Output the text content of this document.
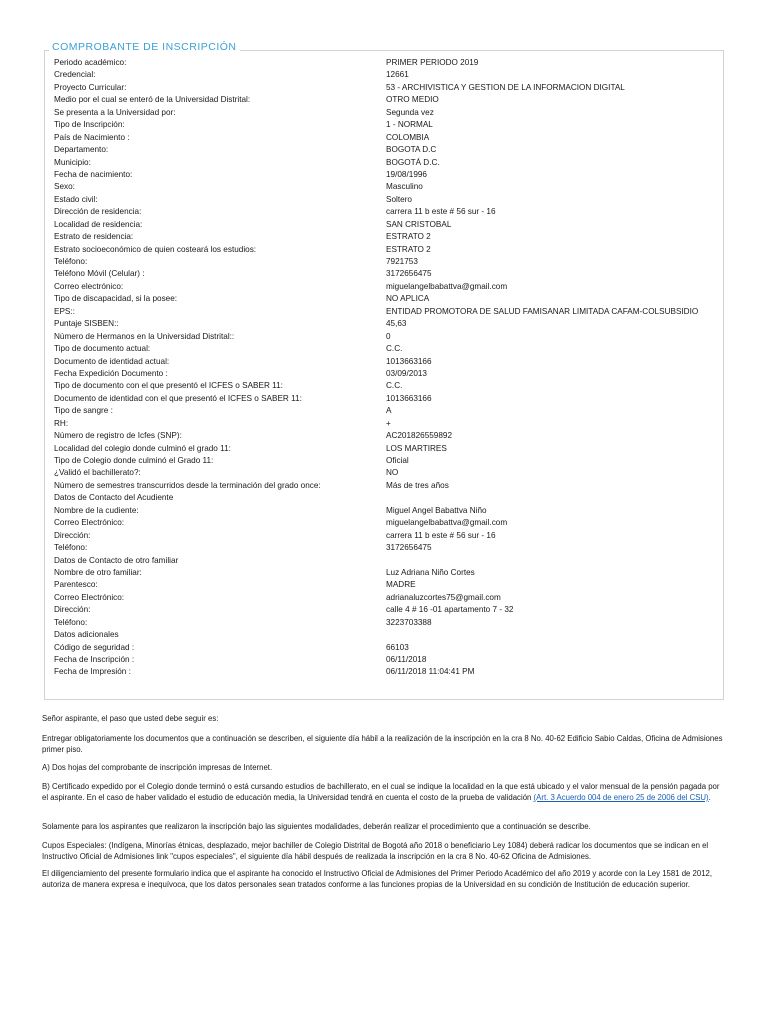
COMPROBANTE DE INSCRIPCIÓN
Periodo académico:	PRIMER PERIODO 2019
Credencial:	12661
Proyecto Curricular:	53 - ARCHIVISTICA Y GESTION DE LA INFORMACION DIGITAL
Medio por el cual se enteró de la Universidad Distrital:	OTRO MEDIO
Se presenta a la Universidad por:	Segunda vez
Tipo de Inscripción:	1 - NORMAL
País de Nacimiento :	COLOMBIA
Departamento:	BOGOTA D.C
Municipio:	BOGOTÁ D.C.
Fecha de nacimiento:	19/08/1996
Sexo:	Masculino
Estado civil:	Soltero
Dirección de residencia:	carrera 11 b este # 56 sur - 16
Localidad de residencia:	SAN CRISTOBAL
Estrato de residencia:	ESTRATO 2
Estrato socioeconómico de quien costeará los estudios:	ESTRATO 2
Teléfono:	7921753
Teléfono Móvil (Celular) :	3172656475
Correo electrónico:	miguelangelbabattva@gmail.com
Tipo de discapacidad, si la posee:	NO APLICA
EPS::	ENTIDAD PROMOTORA DE SALUD FAMISANAR LIMITADA CAFAM-COLSUBSIDIO
Puntaje SISBEN::	45,63
Número de Hermanos en la Universidad Distrital::	0
Tipo de documento actual:	C.C.
Documento de identidad actual:	1013663166
Fecha Expedición Documento :	03/09/2013
Tipo de documento con el que presentó el ICFES o SABER 11:	C.C.
Documento de identidad con el que presentó el ICFES o SABER 11:	1013663166
Tipo de sangre :	A
RH:	+
Número de registro de Icfes (SNP):	AC201826559892
Localidad del colegio donde culminó el grado 11:	LOS MARTIRES
Tipo de Colegio donde culminó el Grado 11:	Oficial
¿Validó el bachillerato?:	NO
Número de semestres transcurridos desde la terminación del grado once:	Más de tres años
Datos de Contacto del Acudiente
Nombre de la cudiente:	Miguel Angel Babattva Niño
Correo Electrónico:	miguelangelbabattva@gmail.com
Dirección:	carrera 11 b este # 56 sur - 16
Teléfono:	3172656475
Datos de Contacto de otro familiar
Nombre de otro familiar:	Luz Adriana Niño Cortes
Parentesco:	MADRE
Correo Electrónico:	adrianaluzcortes75@gmail.com
Dirección:	calle 4 # 16 -01 apartamento 7 - 32
Teléfono:	3223703388
Datos adicionales
Código de seguridad :	66103
Fecha de Inscripción :	06/11/2018
Fecha de Impresión :	06/11/2018 11:04:41 PM
Señor aspirante, el paso que usted debe seguir es:
Entregar obligatoriamente los documentos que a continuación se describen, el siguiente día hábil a la realización de la inscripción en la cra 8 No. 40-62 Edificio Sabio Caldas, Oficina de Admisiones primer piso.
A) Dos hojas del comprobante de inscripción impresas de Internet.
B) Certificado expedido por el Colegio donde terminó o está cursando estudios de bachillerato, en el cual se indique la localidad en la que está ubicado y el valor mensual de la pensión pagada por el aspirante. En el caso de haber validado el estudio de educación media, la Universidad tendrá en cuenta el costo de la prueba de validación (Art. 3 Acuerdo 004 de enero 25 de 2006 del CSU).
Solamente para los aspirantes que realizaron la inscripción bajo las siguientes modalidades, deberán realizar el procedimiento que a continuación se describe.
Cupos Especiales: (Indígena, Minorías étnicas, desplazado, mejor bachiller de Colegio Distrital de Bogotá año 2018 o beneficiario Ley 1084) deberá radicar los documentos que se indican en el Instructivo Oficial de Admisiones link "cupos especiales", el siguiente día hábil después de realizada la inscripción en la cra 8 No. 40-62 Oficina de Admisiones.
El diligenciamiento del presente formulario indica que el aspirante ha conocido el Instructivo Oficial de Admisiones del Primer Periodo Académico del año 2019 y acorde con la Ley 1581 de 2012, autoriza de manera expresa e inequívoca, que los datos personales sean tratados conforme a las funciones propias de la Universidad en su condición de Institución de educación superior.
